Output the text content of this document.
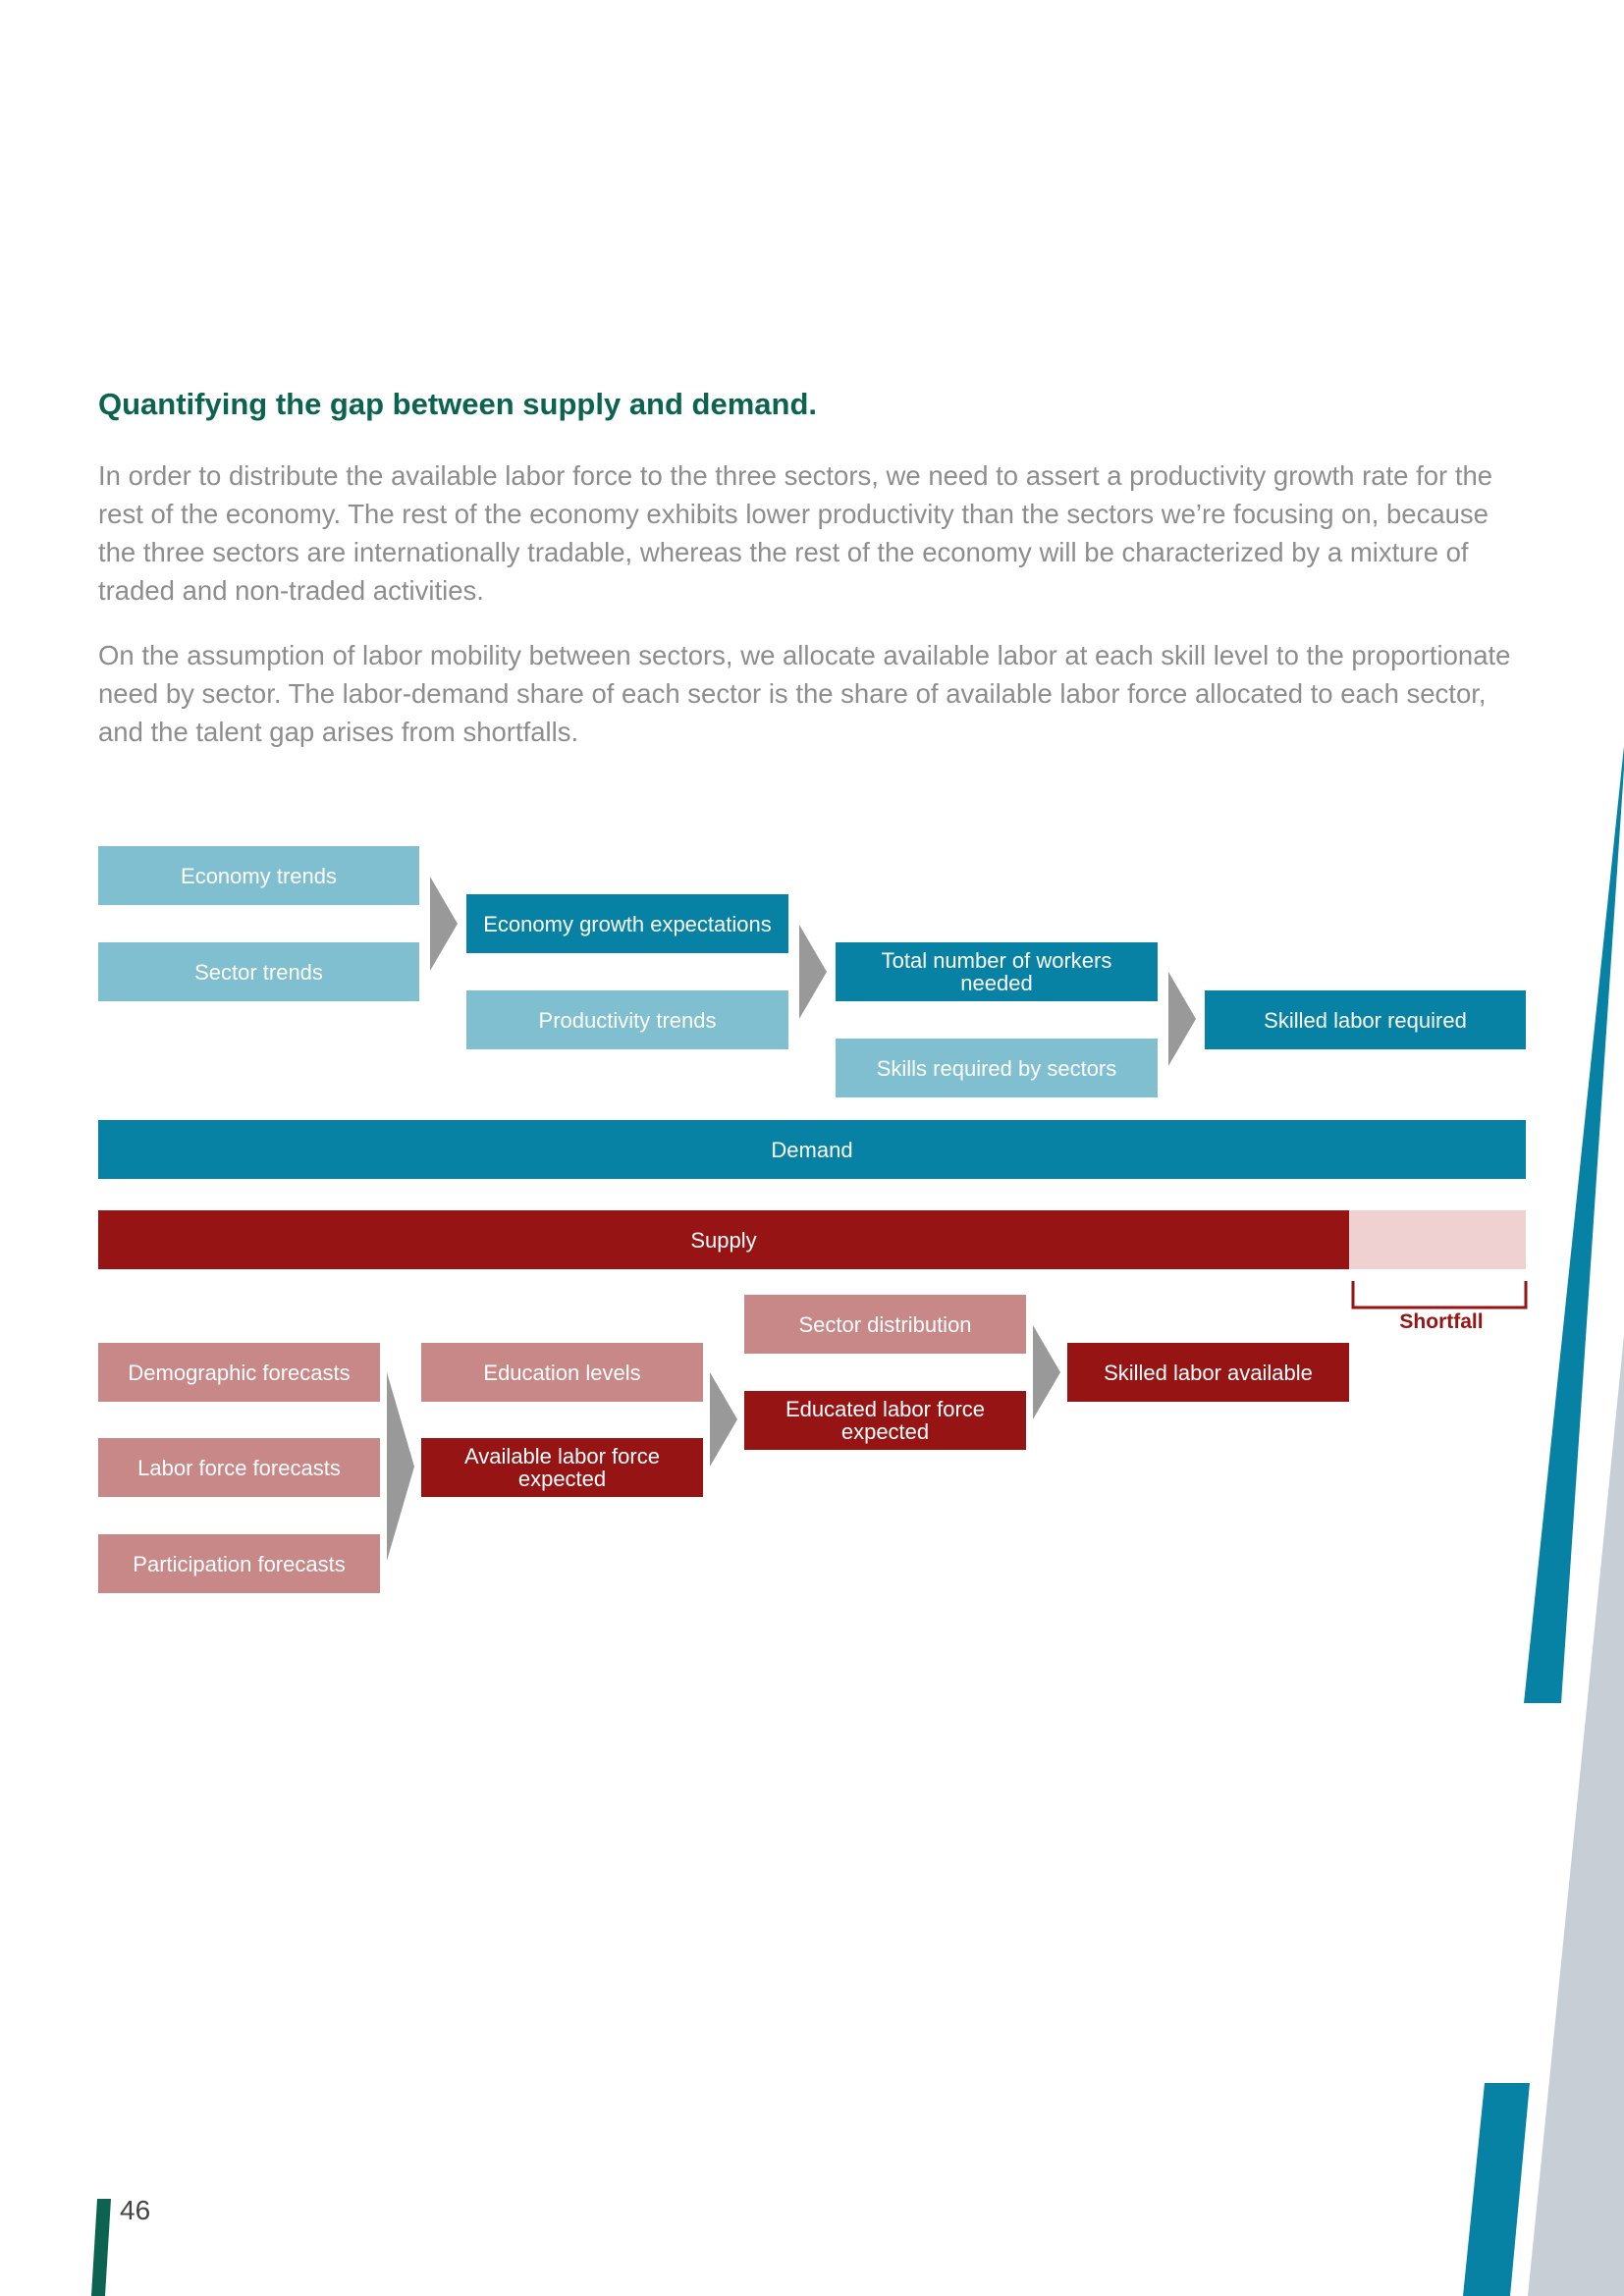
Quantifying the gap between supply and demand.

In order to distribute the available labor force to the three sectors, we need to assert a productivity growth rate for the rest of the economy. The rest of the economy exhibits lower productivity than the sectors we’re focusing on, because the three sectors are internationally tradable, whereas the rest of the economy will be characterized by a mixture of traded and non-traded activities.

On the assumption of labor mobility between sectors, we allocate available labor at each skill level to the proportionate need by sector. The labor-demand share of each sector is the share of available labor force allocated to each sector, and the talent gap arises from shortfalls.

Economy trends
Sector trends
Economy growth expectations
Productivity trends
Total number of workers needed
Skills required by sectors
Skilled labor required
Demand
Supply
Shortfall
Demographic forecasts
Labor force forecasts
Participation forecasts
Education levels
Available labor force expected
Sector distribution
Educated labor force expected
Skilled labor available
46
